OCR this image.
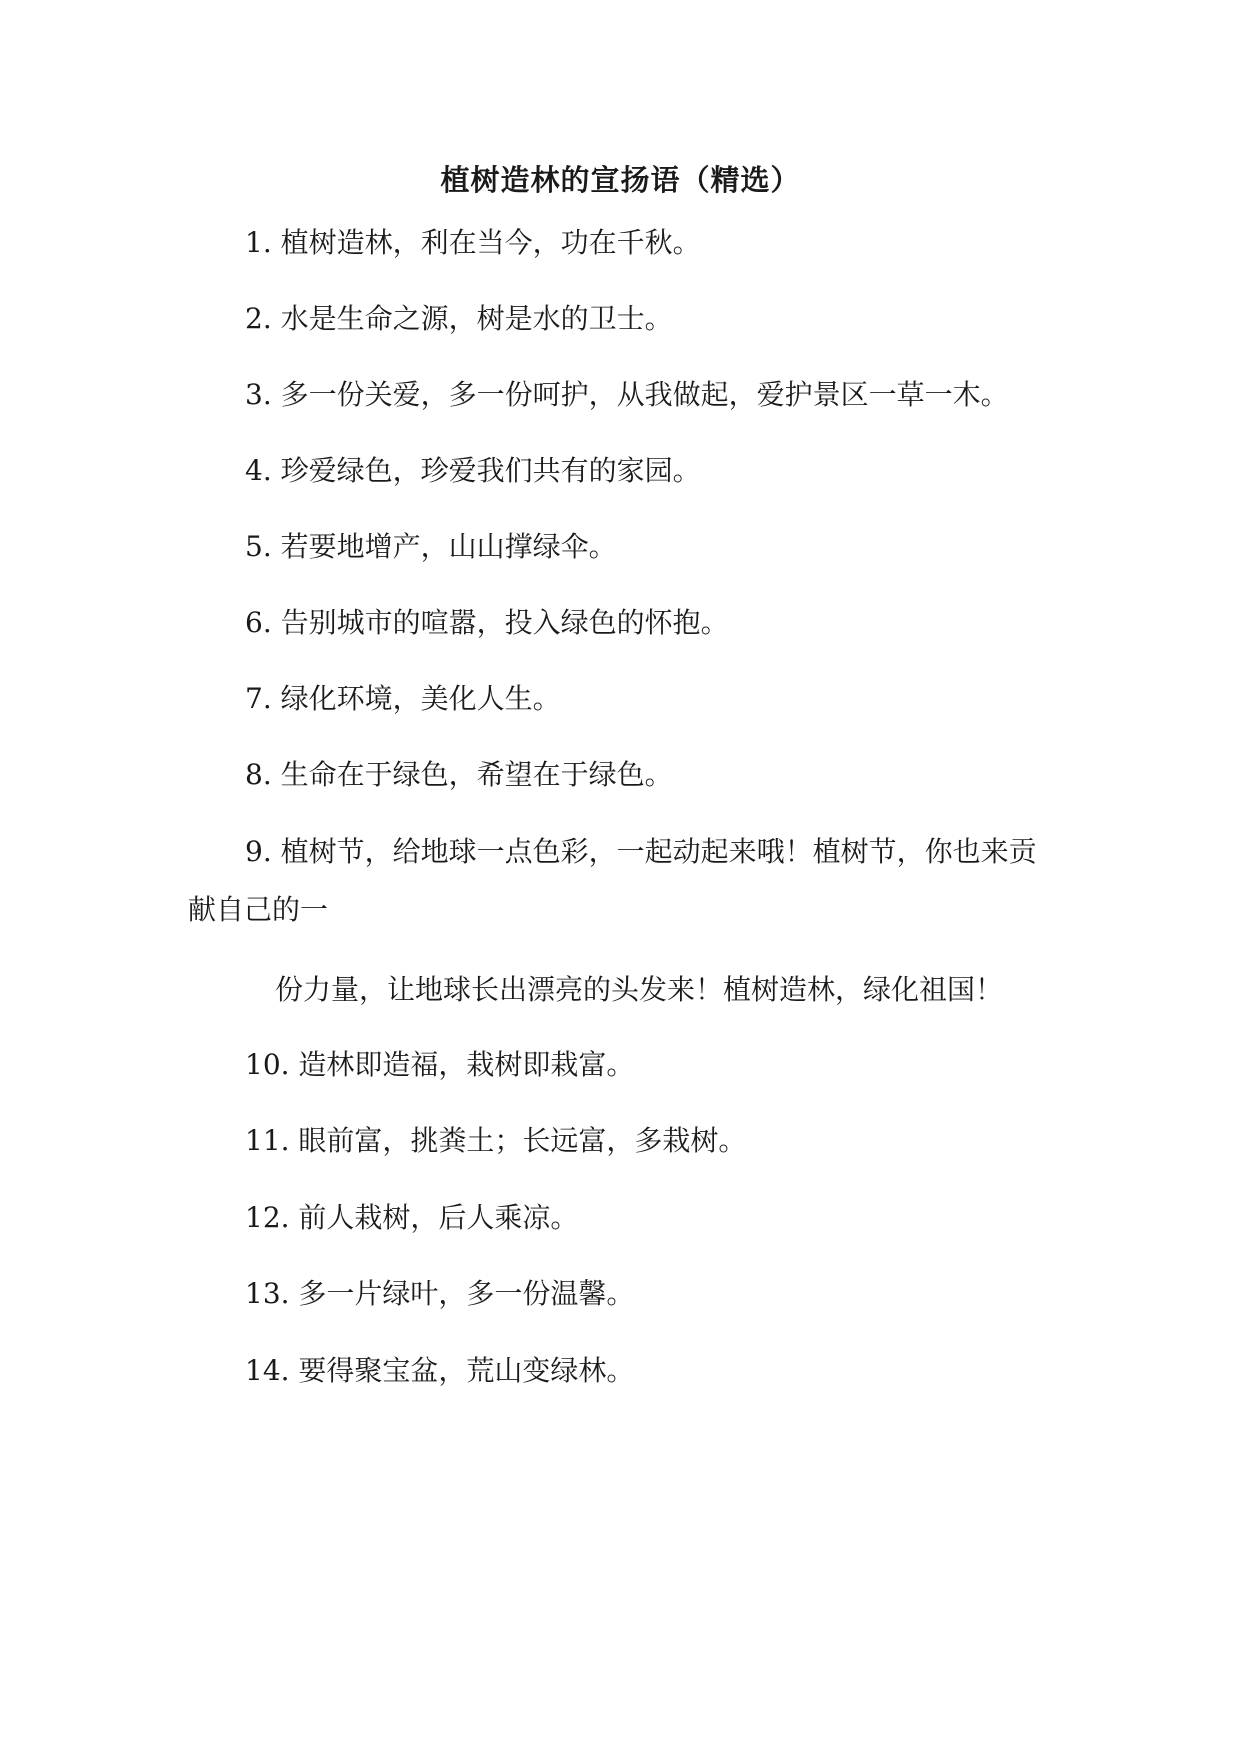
植树造林的宣扬语（精选）
1. 植树造林，利在当今，功在千秋。
2. 水是生命之源，树是水的卫士。
3. 多一份关爱，多一份呵护，从我做起，爱护景区一草一木。
4. 珍爱绿色，珍爱我们共有的家园。
5. 若要地增产，山山撑绿伞。
6. 告别城市的喧嚣，投入绿色的怀抱。
7. 绿化环境，美化人生。
8. 生命在于绿色，希望在于绿色。
9. 植树节，给地球一点色彩，一起动起来哦！植树节，你也来贡
献自己的一
份力量，让地球长出漂亮的头发来！植树造林，绿化祖国！
10. 造林即造福，栽树即栽富。
11. 眼前富，挑粪土；长远富，多栽树。
12. 前人栽树，后人乘凉。
13. 多一片绿叶，多一份温馨。
14. 要得聚宝盆，荒山变绿林。
